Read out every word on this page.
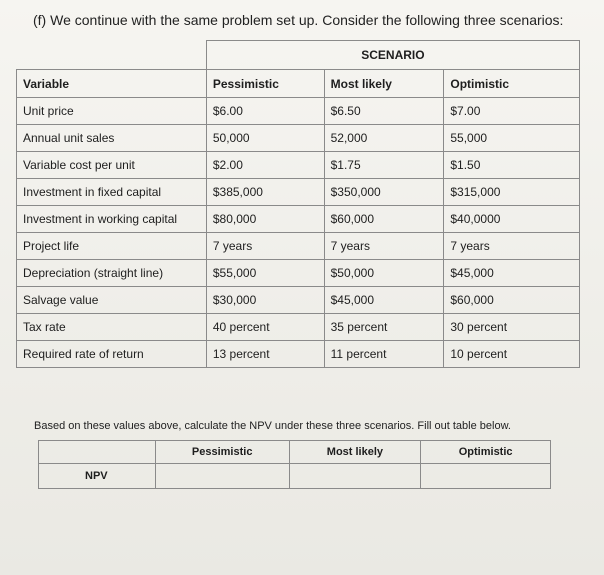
(f) We continue with the same problem set up. Consider the following three scenarios:
	SCENARIO		
Variable	Pessimistic	Most likely	Optimistic
Unit price	$6.00	$6.50	$7.00
Annual unit sales	50,000	52,000	55,000
Variable cost per unit	$2.00	$1.75	$1.50
Investment in fixed capital	$385,000	$350,000	$315,000
Investment in working capital	$80,000	$60,000	$40,0000
Project life	7 years	7 years	7 years
Depreciation (straight line)	$55,000	$50,000	$45,000
Salvage value	$30,000	$45,000	$60,000
Tax rate	40 percent	35 percent	30 percent
Required rate of return	13 percent	11 percent	10 percent
Based on these values above, calculate the NPV under these three scenarios. Fill out table below.
	Pessimistic	Most likely	Optimistic
NPV			
